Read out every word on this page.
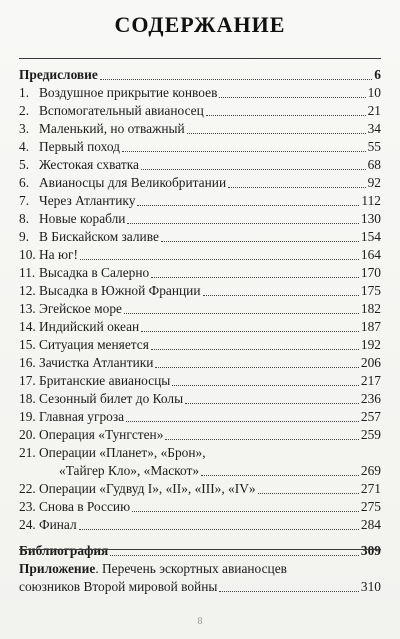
СОДЕРЖАНИЕ
Предисловие	6
1. Воздушное прикрытие конвоев	10
2. Вспомогательный авианосец	21
3. Маленький, но отважный	34
4. Первый поход	55
5. Жестокая схватка	68
6. Авианосцы для Великобритании	92
7. Через Атлантику	112
8. Новые корабли	130
9. В Бискайском заливе	154
10. На юг!	164
11. Высадка в Салерно	170
12. Высадка в Южной Франции	175
13. Эгейское море	182
14. Индийский океан	187
15. Ситуация меняется	192
16. Зачистка Атлантики	206
17. Британские авианосцы	217
18. Сезонный билет до Колы	236
19. Главная угроза	257
20. Операция «Тунгстен»	259
21. Операции «Планет», «Брон»,
«Тайгер Кло», «Маскот»	269
22. Операции «Гудвуд I», «II», «III», «IV»	271
23. Снова в Россию	275
24. Финал	284
Библиография	309
Приложение. Перечень эскортных авианосцев
союзников Второй мировой войны	310
8
